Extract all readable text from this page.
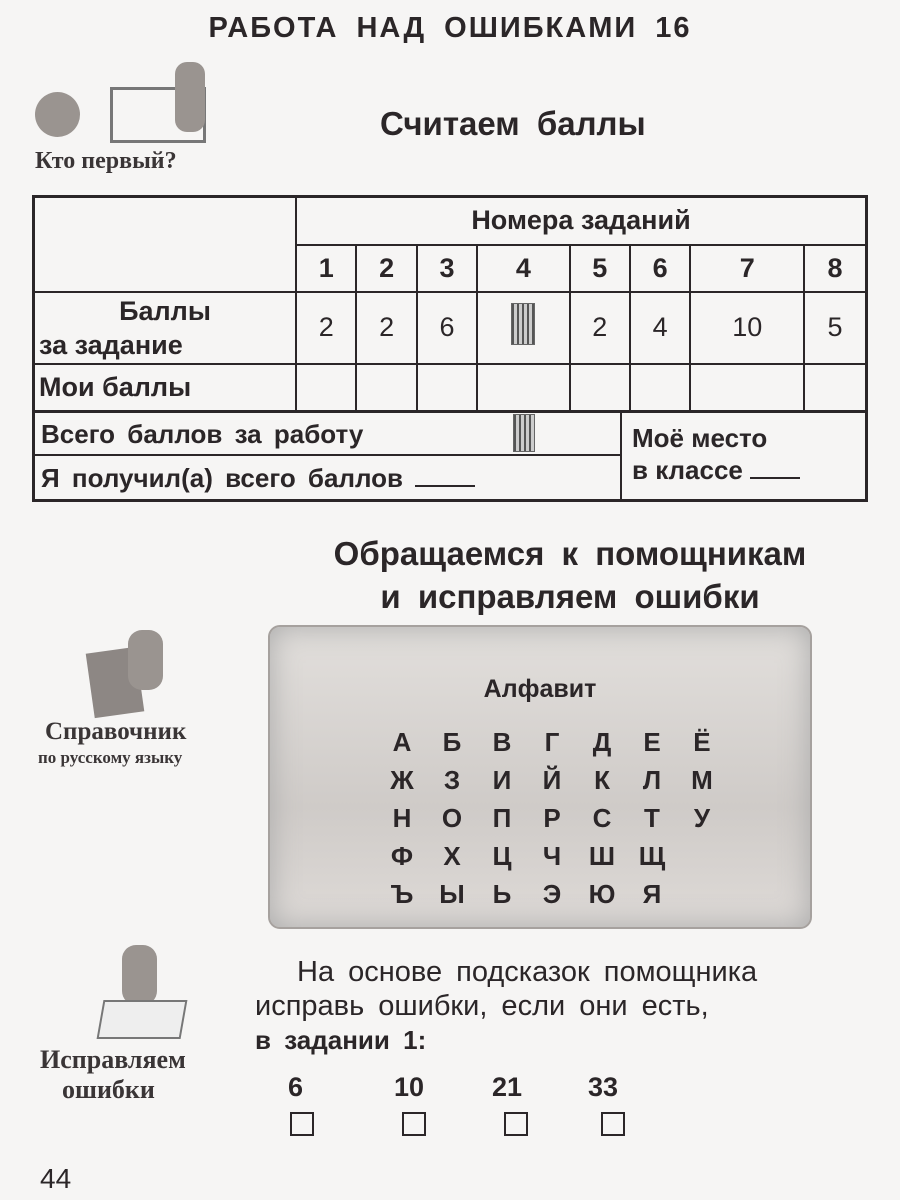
РАБОТА НАД ОШИБКАМИ 16
Кто первый?
Считаем баллы
	Номера заданий							
	1	2	3	4	5	6	7	8

Баллы
за задание	2	2	6		2	4	10	5
Мои баллы								
Всего баллов за работу
Я получил(а) всего баллов
Моё место
в классе
Обращаемся к помощникам
и исправляем ошибки
Справочник
по русскому языку
Алфавит
А	Б	В	Г	Д	Е	Ё
Ж	З	И	Й	К	Л	М
Н	О	П	Р	С	Т	У
Ф	Х	Ц	Ч	Ш Щ
Ъ Ы	Ь	Э	Ю	Я
Исправляем
ошибки
На основе подсказок помощника
исправь ошибки, если они есть,
в задании 1:
6	10	21 33
44
